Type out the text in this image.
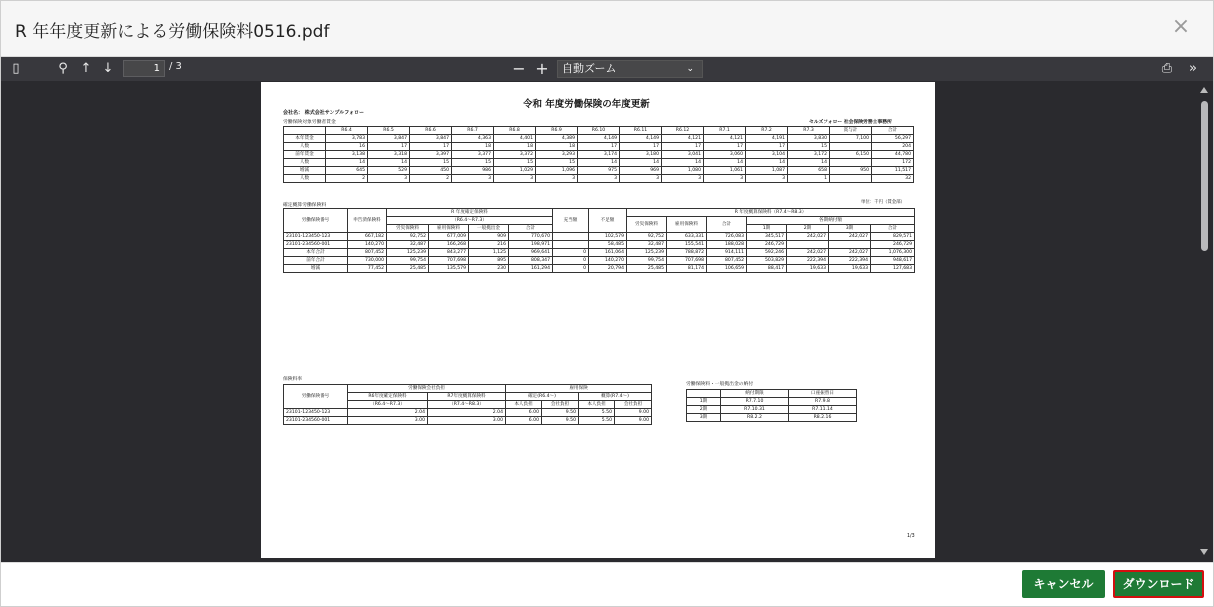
R 年年度更新による労働保険料0516.pdf	×
▯	⚲ ↑ ↓	1 / 3	− +	自動ズーム	⌄	⎙	»
令和 年度労働保険の年度更新
会社名： 株式会社サンプルフォロー
労働保険対象労働者賃金	セルズフォロー 社会保険労務士事務所
	R6.4	R6.5	R6.6	R6.7	R6.8	R6.9	R6.10	R6.11	R6.12	R7.1	R7.2	R7.3	賞与計	合計
本年賃金	3,783	3,847	3,847	4,363	4,401	4,389	4,149	4,149	4,121	4,121	4,191	3,830	7,100	56,297
人数	16	17	17	18	18	18	17	17	17	17	17	15		204
前年賃金	3,138	3,318	3,397	3,377	3,372	3,293	3,174	3,180	3,041	3,060	3,104	3,172	6,150	44,780
人数	14	14	15	15	15	15	14	14	14	14	14	14		172
増減	645	529	450	986	1,029	1,096	975	969	1,080	1,061	1,087	658	950	11,517
人数	2	3	2	3	3	3	3	3	3	3	3	1		32
確定概算労働保険料
単位：千円（賃金部）
労働保険番号	申告済保険料	R 年度確定保険料				充当額	不足額	R 年度概算保険料（R7.4〜R8.3）						
		（R6.4〜R7.3）						労災保険料	雇用保険料	合計	各期納付額			
		労災保険料	雇用保険料	一般拠出金	合計						1期	2期	3期	合計
23101-123450-123	667,182	92,752	677,009	909	770,670		102,579	92,752	633,331	726,083	345,517	242,027	242,027	829,571
23101-234560-001	140,270	32,487	166,268	216	198,971		58,485	32,487	155,541	188,028	246,729			246,729
本年合計	807,452	125,239	843,277	1,125	969,641	0	161,064	125,239	788,872	914,111	592,246	242,027	242,027	1,076,300
前年合計	730,000	99,754	707,698	895	808,347	0	140,270	99,754	707,698	807,452	503,829	222,394	222,394	948,617
増減	77,452	25,485	135,579	230	161,294	0	20,794	25,485	81,174	106,659	88,417	19,633	19,633	127,683
保険料率
労働保険番号	労働保険会社負担		雇用保険			
	R6年度確定保険料	R7年度概算保険料	確定(R6.4〜)		概算(R7.4〜)	
	（R6.4〜R7.3）	（R7.4〜R8.3）	本人負担	会社負担	本人負担	会社負担
23101-123450-123	2.04	2.04	6.00	9.50	5.50	9.00
23101-234560-001	3.00	3.00	6.00	9.50	5.50	9.00
労働保険料・一般拠出金の納付
	納付期限	口座振替日
1期	R7.7.10	R7.9.8
2期	R7.10.31	R7.11.14
3期	R8.2.2	R8.2.16
1/3
キャンセル	ダウンロード
